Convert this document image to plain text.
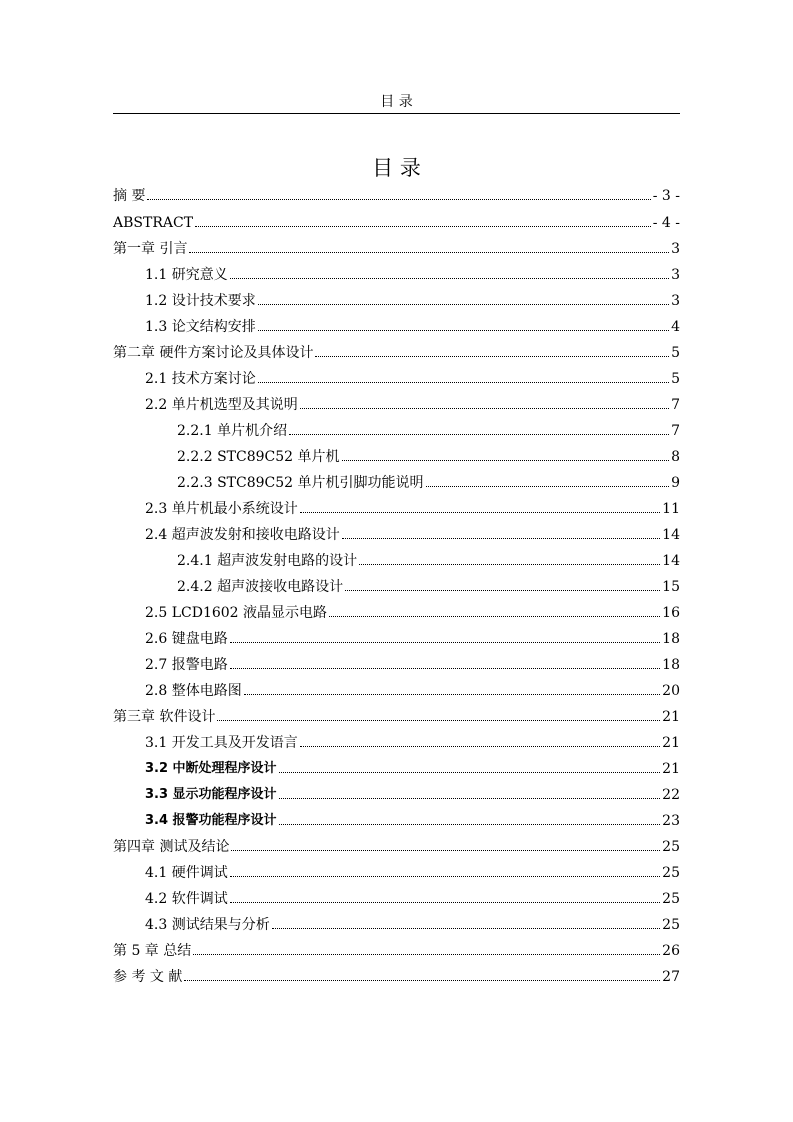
目 录
目 录
摘 要	- 3 -
ABSTRACT	- 4 -
第一章 引言	3
1.1 研究意义	3
1.2 设计技术要求	3
1.3 论文结构安排	4
第二章 硬件方案讨论及具体设计	5
2.1 技术方案讨论	5
2.2 单片机选型及其说明	7
2.2.1 单片机介绍	7
2.2.2 STC89C52 单片机	8
2.2.3 STC89C52 单片机引脚功能说明	9
2.3 单片机最小系统设计	11
2.4 超声波发射和接收电路设计	14
2.4.1 超声波发射电路的设计	14
2.4.2 超声波接收电路设计	15
2.5 LCD1602 液晶显示电路	16
2.6 键盘电路	18
2.7 报警电路	18
2.8 整体电路图	20
第三章 软件设计	21
3.1 开发工具及开发语言	21
3.2 中断处理程序设计	21
3.3 显示功能程序设计	22
3.4 报警功能程序设计	23
第四章 测试及结论	25
4.1 硬件调试	25
4.2 软件调试	25
4.3 测试结果与分析	25
第 5 章 总结	26
参 考 文 献	27
